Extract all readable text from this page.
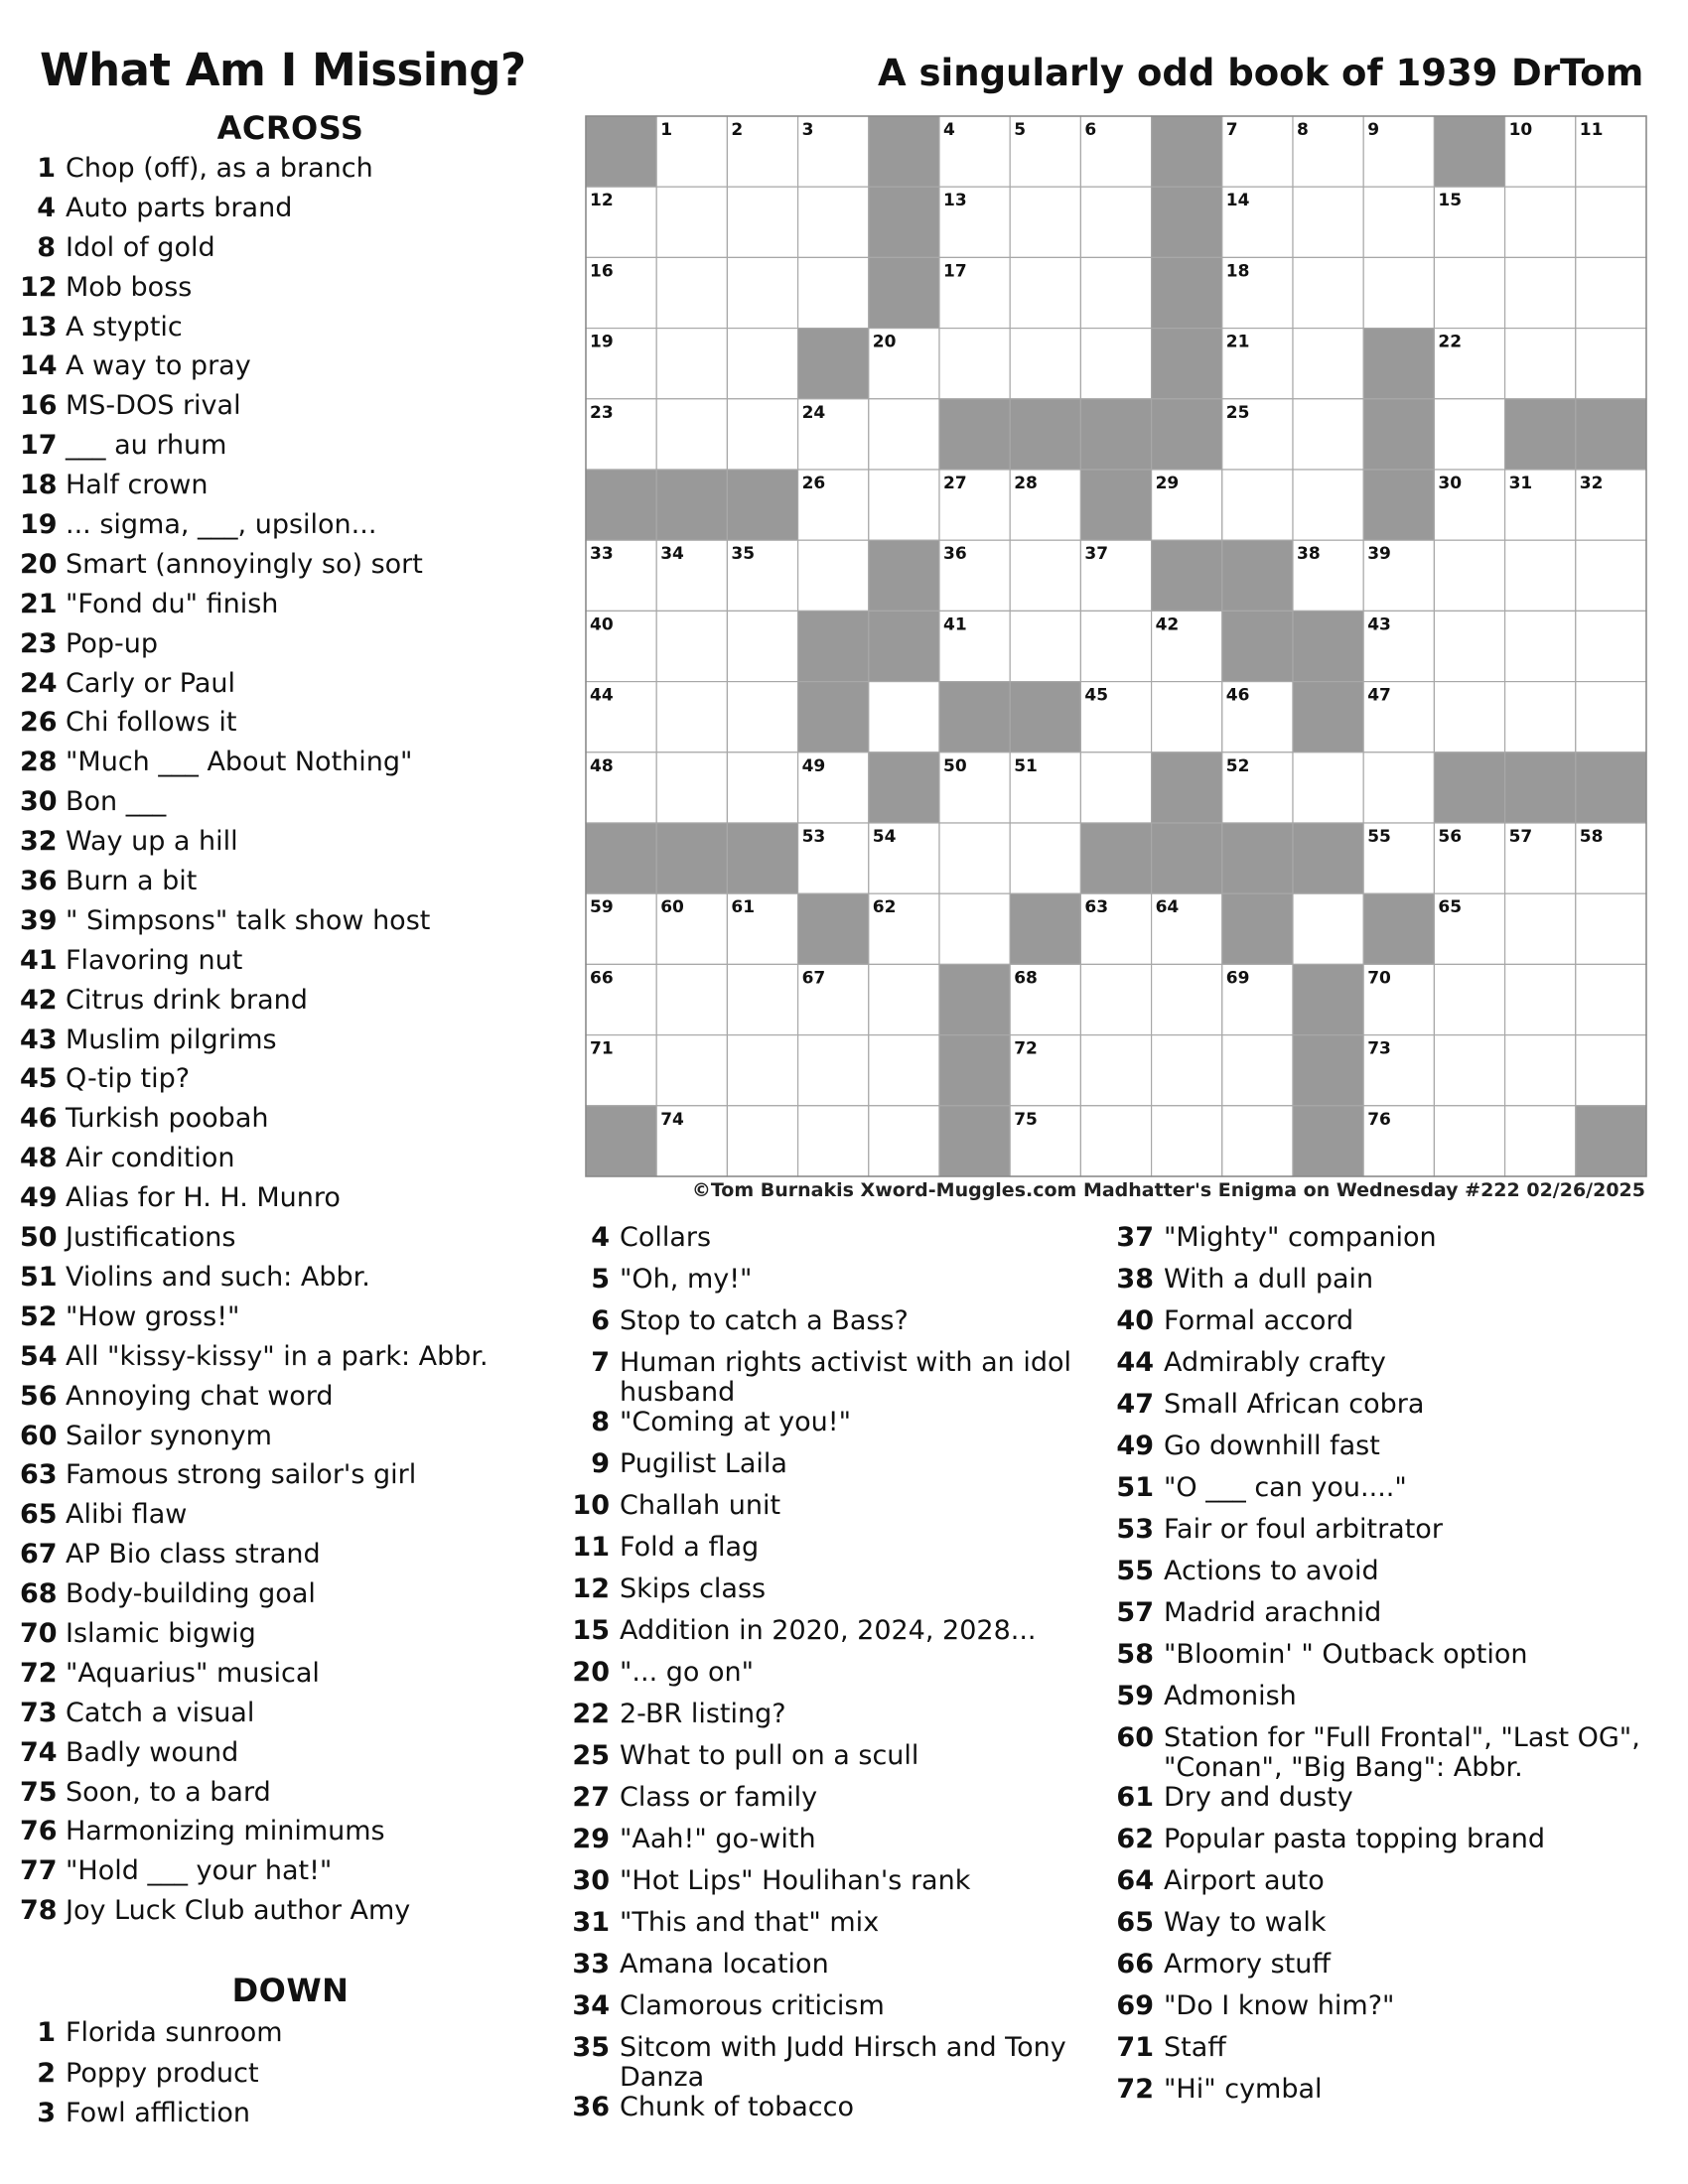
What Am I Missing?	A singularly odd book of 1939 DrTom
ACROSS
1 Chop (off), as a branch
4 Auto parts brand
8 Idol of gold
12 Mob boss
13 A styptic
14 A way to pray
16 MS-DOS rival
17 ___ au rhum
18 Half crown
19 ... sigma, ___, upsilon...
20 Smart (annoyingly so) sort
21 "Fond du" finish
23 Pop-up
24 Carly or Paul
26 Chi follows it
28 "Much ___ About Nothing"
30 Bon ___
32 Way up a hill
36 Burn a bit
39 " Simpsons" talk show host
41 Flavoring nut
42 Citrus drink brand
43 Muslim pilgrims
45 Q-tip tip?
46 Turkish poobah
48 Air condition
49 Alias for H. H. Munro
50 Justifications
51 Violins and such: Abbr.
52 "How gross!"
54 All "kissy-kissy" in a park: Abbr.
56 Annoying chat word
60 Sailor synonym
63 Famous strong sailor's girl
65 Alibi flaw
67 AP Bio class strand
68 Body-building goal
70 Islamic bigwig
72 "Aquarius" musical
73 Catch a visual
74 Badly wound
75 Soon, to a bard
76 Harmonizing minimums
77 "Hold ___ your hat!"
78 Joy Luck Club author Amy
DOWN
1 Florida sunroom
2 Poppy product
3 Fowl affliction
4 Collars
5 "Oh, my!"
6 Stop to catch a Bass?
7 Human rights activist with an idol husband
8 "Coming at you!"
9 Pugilist Laila
10 Challah unit
11 Fold a flag
12 Skips class
15 Addition in 2020, 2024, 2028...
20 "... go on"
22 2-BR listing?
25 What to pull on a scull
27 Class or family
29 "Aah!" go-with
30 "Hot Lips" Houlihan's rank
31 "This and that" mix
33 Amana location
34 Clamorous criticism
35 Sitcom with Judd Hirsch and Tony Danza
36 Chunk of tobacco
37 "Mighty" companion
38 With a dull pain
40 Formal accord
44 Admirably crafty
47 Small African cobra
49 Go downhill fast
51 "O ___ can you...."
53 Fair or foul arbitrator
55 Actions to avoid
57 Madrid arachnid
58 "Bloomin' " Outback option
59 Admonish
60 Station for "Full Frontal", "Last OG", "Conan", "Big Bang": Abbr.
61 Dry and dusty
62 Popular pasta topping brand
64 Airport auto
65 Way to walk
66 Armory stuff
69 "Do I know him?"
71 Staff
72 "Hi" cymbal
1	2	3	4	5	6	7	8	9	10	11
12	13	14	15
16	17	18
19	20	21	22
23	24	25
26	27	28	29	30	31	32
33	34	35	36	37	38	39
40	41	42	43
44	45	46	47
48	49	50	51	52
53	54	55	56	57	58
59	60	61	62	63	64	65
66	67	68	69	70
71	72	73
74	75	76
©Tom Burnakis Xword-Muggles.com Madhatter's Enigma on Wednesday #222 02/26/2025
